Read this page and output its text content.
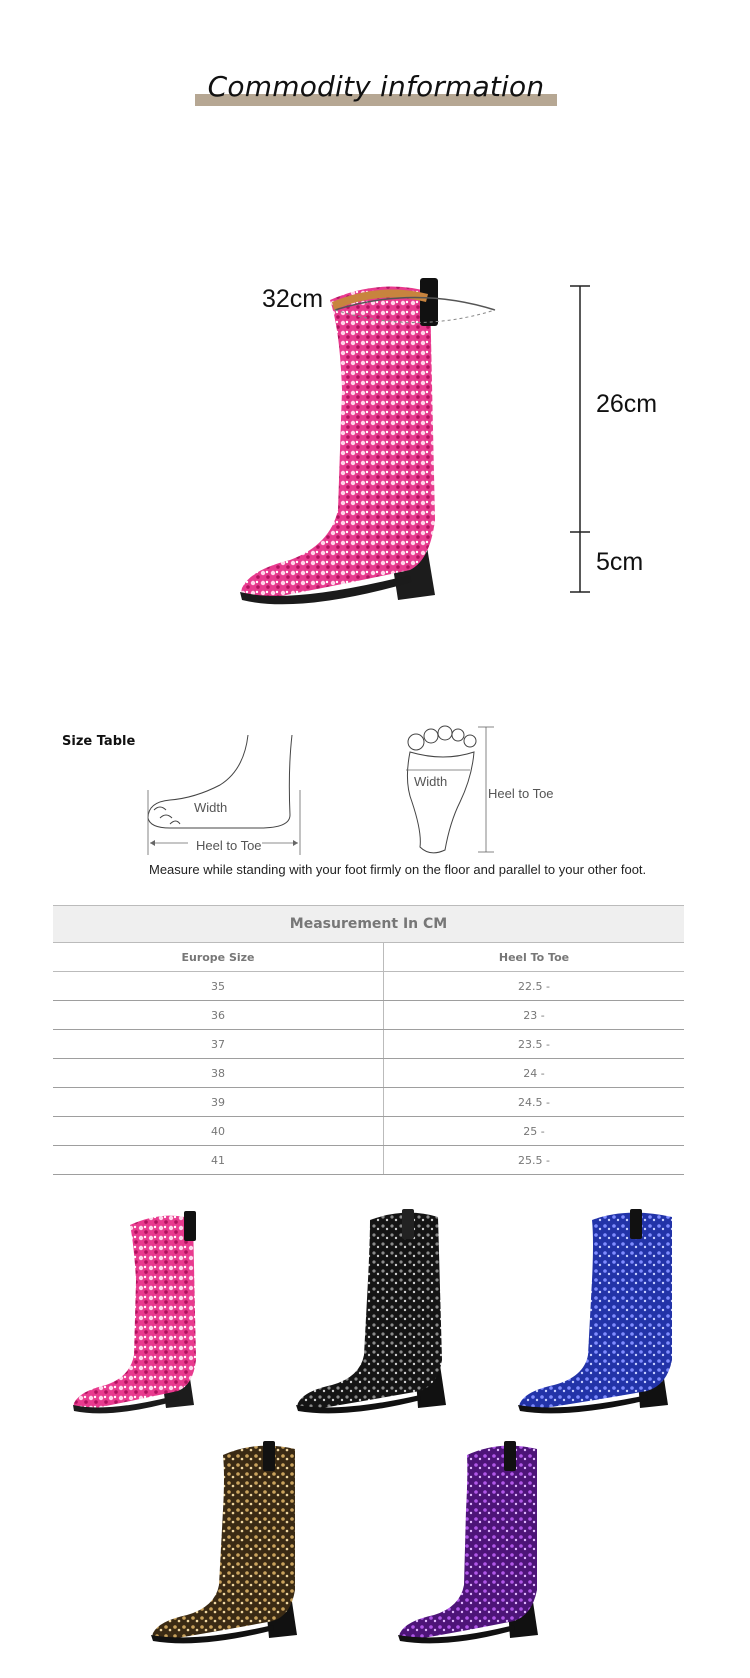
Commodity information
32cm
26cm
5cm
Size Table
Width
Heel to Toe
Width
Heel to Toe
Measure while standing with your foot firmly on the floor and parallel to your other foot.
Measurement In CM
Europe Size	Heel To Toe
35	22.5 -
36	23 -
37	23.5 -
38	24 -
39	24.5 -
40	25 -
41	25.5 -
